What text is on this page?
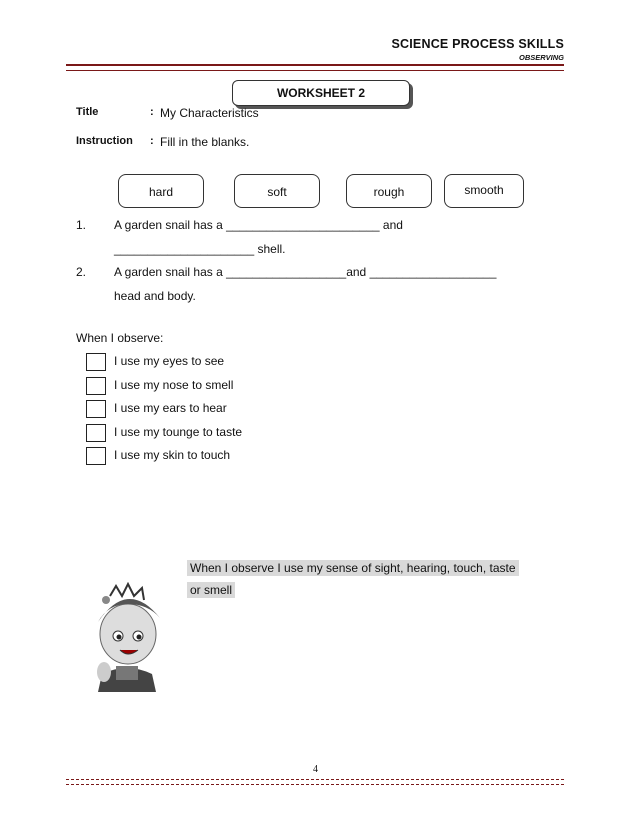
SCIENCE PROCESS SKILLS
OBSERVING
WORKSHEET 2
Title	: My Characteristics
Instruction : Fill in the blanks.
hard	soft	rough	smooth
1. A garden snail has a _______________________ and
_____________________ shell.
2. A garden snail has a __________________and ___________________
head and body.
When I observe:
I use my eyes to see
I use my nose to smell
I use my ears to hear
I use my tounge to taste
I use my skin to touch
When I observe I use my sense of sight, hearing, touch, taste
or smell
4
